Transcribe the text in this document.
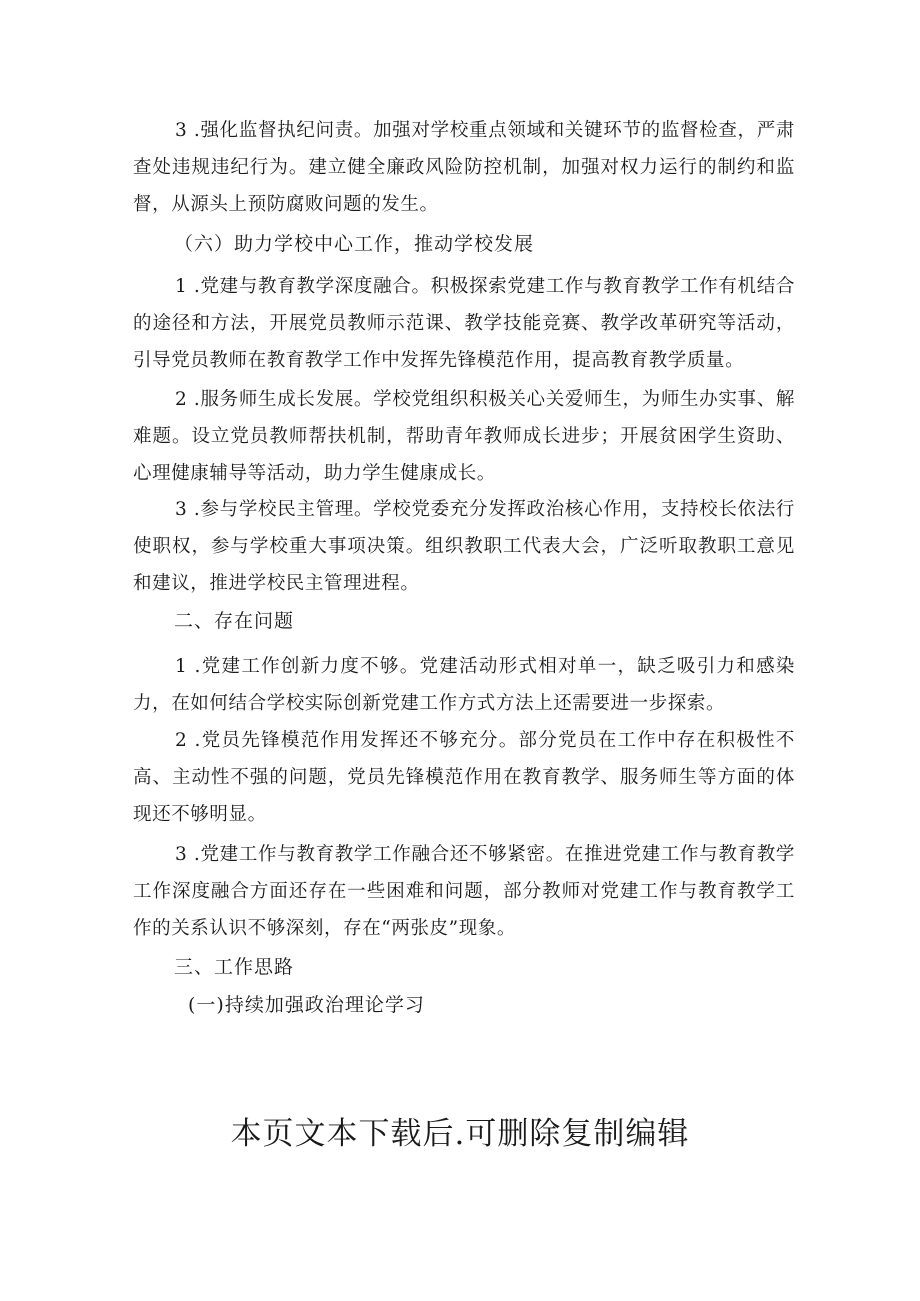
3 .强化监督执纪问责。加强对学校重点领域和关键环节的监督检查，严肃查处违规违纪行为。建立健全廉政风险防控机制，加强对权力运行的制约和监督，从源头上预防腐败问题的发生。

（六）助力学校中心工作，推动学校发展

1 .党建与教育教学深度融合。积极探索党建工作与教育教学工作有机结合的途径和方法，开展党员教师示范课、教学技能竞赛、教学改革研究等活动，引导党员教师在教育教学工作中发挥先锋模范作用，提高教育教学质量。

2 .服务师生成长发展。学校党组织积极关心关爱师生，为师生办实事、解难题。设立党员教师帮扶机制，帮助青年教师成长进步；开展贫困学生资助、心理健康辅导等活动，助力学生健康成长。

3 .参与学校民主管理。学校党委充分发挥政治核心作用，支持校长依法行使职权，参与学校重大事项决策。组织教职工代表大会，广泛听取教职工意见和建议，推进学校民主管理进程。

二、存在问题

1 .党建工作创新力度不够。党建活动形式相对单一，缺乏吸引力和感染力，在如何结合学校实际创新党建工作方式方法上还需要进一步探索。

2 .党员先锋模范作用发挥还不够充分。部分党员在工作中存在积极性不高、主动性不强的问题，党员先锋模范作用在教育教学、服务师生等方面的体现还不够明显。

3 .党建工作与教育教学工作融合还不够紧密。在推进党建工作与教育教学工作深度融合方面还存在一些困难和问题，部分教师对党建工作与教育教学工作的关系认识不够深刻，存在“两张皮”现象。

三、工作思路

(一)持续加强政治理论学习

本页文本下载后.可删除复制编辑
